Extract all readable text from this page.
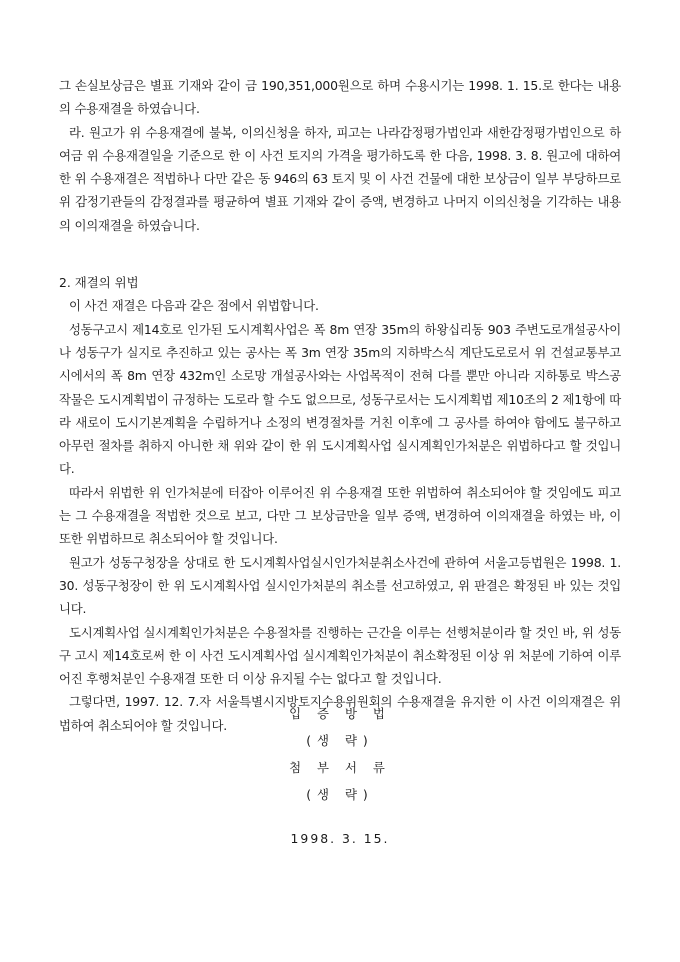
그 손실보상금은 별표 기재와 같이 금 190,351,000원으로 하며 수용시기는 1998. 1. 15.로 한다는 내용의 수용재결을 하였습니다.

라. 원고가 위 수용재결에 불복, 이의신청을 하자, 피고는 나라감정평가법인과 새한감정평가법인으로 하여금 위 수용재결일을 기준으로 한 이 사건 토지의 가격을 평가하도록 한 다음, 1998. 3. 8. 원고에 대하여 한 위 수용재결은 적법하나 다만 같은 동 946의 63 토지 및 이 사건 건물에 대한 보상금이 일부 부당하므로 위 감정기관들의 감정결과를 평균하여 별표 기재와 같이 증액, 변경하고 나머지 이의신청을 기각하는 내용의 이의재결을 하였습니다.

2. 재결의 위법

이 사건 재결은 다음과 같은 점에서 위법합니다.

성동구고시 제14호로 인가된 도시계획사업은 폭 8m 연장 35m의 하왕십리동 903 주변도로개설공사이나 성동구가 실지로 추진하고 있는 공사는 폭 3m 연장 35m의 지하박스식 계단도로로서 위 건설교통부고시에서의 폭 8m 연장 432m인 소로망 개설공사와는 사업목적이 전혀 다를 뿐만 아니라 지하통로 박스공작물은 도시계획법이 규정하는 도로라 할 수도 없으므로, 성동구로서는 도시계획법 제10조의 2 제1항에 따라 새로이 도시기본계획을 수립하거나 소정의 변경절차를 거친 이후에 그 공사를 하여야 함에도 불구하고 아무런 절차를 취하지 아니한 채 위와 같이 한 위 도시계획사업 실시계획인가처분은 위법하다고 할 것입니다.

따라서 위법한 위 인가처분에 터잡아 이루어진 위 수용재결 또한 위법하여 취소되어야 할 것임에도 피고는 그 수용재결을 적법한 것으로 보고, 다만 그 보상금만을 일부 증액, 변경하여 이의재결을 하였는 바, 이 또한 위법하므로 취소되어야 할 것입니다.

원고가 성동구청장을 상대로 한 도시계획사업실시인가처분취소사건에 관하여 서울고등법원은 1998. 1. 30. 성동구청장이 한 위 도시계획사업 실시인가처분의 취소를 선고하였고, 위 판결은 확정된 바 있는 것입니다.

도시계획사업 실시계획인가처분은 수용절차를 진행하는 근간을 이루는 선행처분이라 할 것인 바, 위 성동구 고시 제14호로써 한 이 사건 도시계획사업 실시계획인가처분이 취소확정된 이상 위 처분에 기하여 이루어진 후행처분인 수용재결 또한 더 이상 유지될 수는 없다고 할 것입니다.

그렇다면, 1997. 12. 7.자 서울특별시지방토지수용위원회의 수용재결을 유지한 이 사건 이의재결은 위법하여 취소되어야 할 것입니다.

입 증 방 법
(생 략)
첨 부 서 류
(생 략)
1998. 3. 15.
